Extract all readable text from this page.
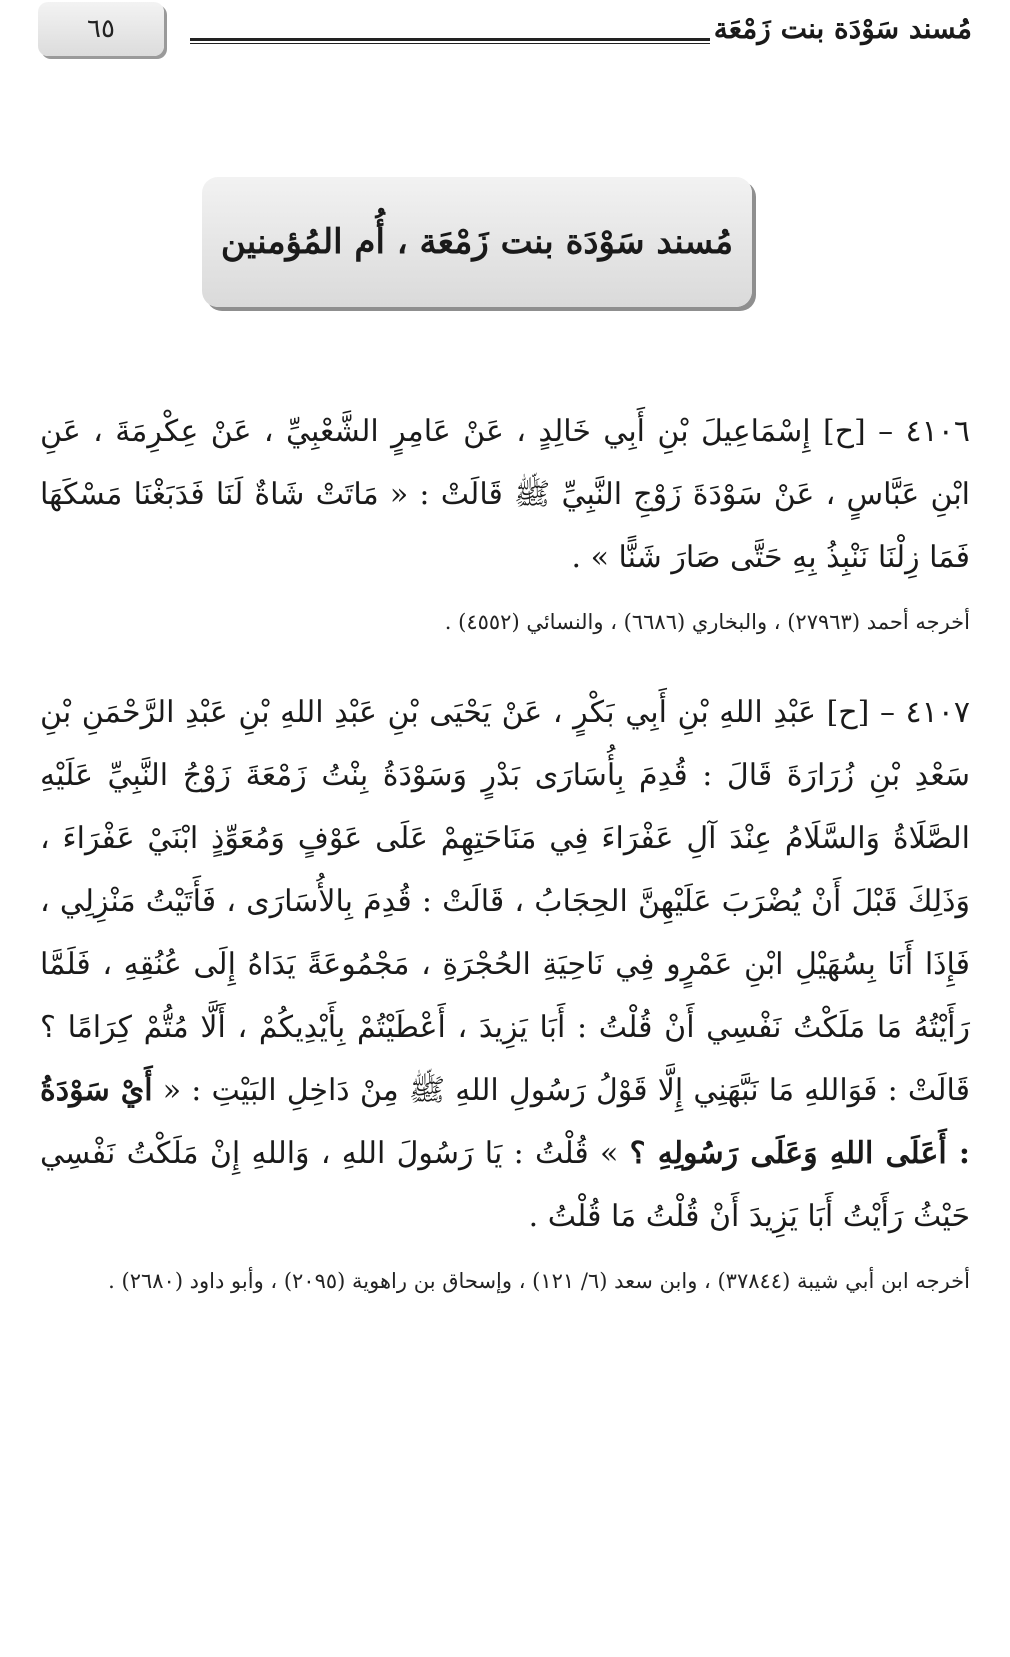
٦٥	مُسند سَوْدَة بنت زَمْعَة
مُسند سَوْدَة بنت زَمْعَة ، أُم المُؤمنين

٤١٠٦ – [ح] إِسْمَاعِيلَ بْنِ أَبِي خَالِدٍ ، عَنْ عَامِرٍ الشَّعْبِيِّ ، عَنْ عِكْرِمَةَ ، عَنِ ابْنِ عَبَّاسٍ ، عَنْ سَوْدَةَ زَوْجِ النَّبِيِّ ﷺ قَالَتْ : « مَاتَتْ شَاةٌ لَنَا فَدَبَغْنَا مَسْكَهَا فَمَا زِلْنَا نَنْبِذُ بِهِ حَتَّى صَارَ شَنًّا » .

أخرجه أحمد (٢٧٩٦٣) ، والبخاري (٦٦٨٦) ، والنسائي (٤٥٥٢) .

٤١٠٧ – [ح] عَبْدِ اللهِ بْنِ أَبِي بَكْرٍ ، عَنْ يَحْيَى بْنِ عَبْدِ اللهِ بْنِ عَبْدِ الرَّحْمَنِ بْنِ سَعْدِ بْنِ زُرَارَةَ قَالَ : قُدِمَ بِأُسَارَى بَدْرٍ وَسَوْدَةُ بِنْتُ زَمْعَةَ زَوْجُ النَّبِيِّ عَلَيْهِ الصَّلَاةُ وَالسَّلَامُ عِنْدَ آلِ عَفْرَاءَ فِي مَنَاحَتِهِمْ عَلَى عَوْفٍ وَمُعَوِّذٍ ابْنَيْ عَفْرَاءَ ، وَذَلِكَ قَبْلَ أَنْ يُضْرَبَ عَلَيْهِنَّ الحِجَابُ ، قَالَتْ : قُدِمَ بِالأُسَارَى ، فَأَتَيْتُ مَنْزِلِي ، فَإِذَا أَنَا بِسُهَيْلِ ابْنِ عَمْرٍو فِي نَاحِيَةِ الحُجْرَةِ ، مَجْمُوعَةً يَدَاهُ إِلَى عُنُقِهِ ، فَلَمَّا رَأَيْتُهُ مَا مَلَكْتُ نَفْسِي أَنْ قُلْتُ : أَبَا يَزِيدَ ، أَعْطَيْتُمْ بِأَيْدِيكُمْ ، أَلَّا مُتُّمْ كِرَامًا ؟ قَالَتْ : فَوَاللهِ مَا نَبَّهَنِي إِلَّا قَوْلُ رَسُولِ اللهِ ﷺ مِنْ دَاخِلِ البَيْتِ : « أَيْ سَوْدَةُ : أَعَلَى اللهِ وَعَلَى رَسُولِهِ ؟ » قُلْتُ : يَا رَسُولَ اللهِ ، وَاللهِ إِنْ مَلَكْتُ نَفْسِي حَيْثُ رَأَيْتُ أَبَا يَزِيدَ أَنْ قُلْتُ مَا قُلْتُ .

أخرجه ابن أبي شيبة (٣٧٨٤٤) ، وابن سعد (٦/ ١٢١) ، وإسحاق بن راهوية (٢٠٩٥) ، وأبو داود (٢٦٨٠) .
